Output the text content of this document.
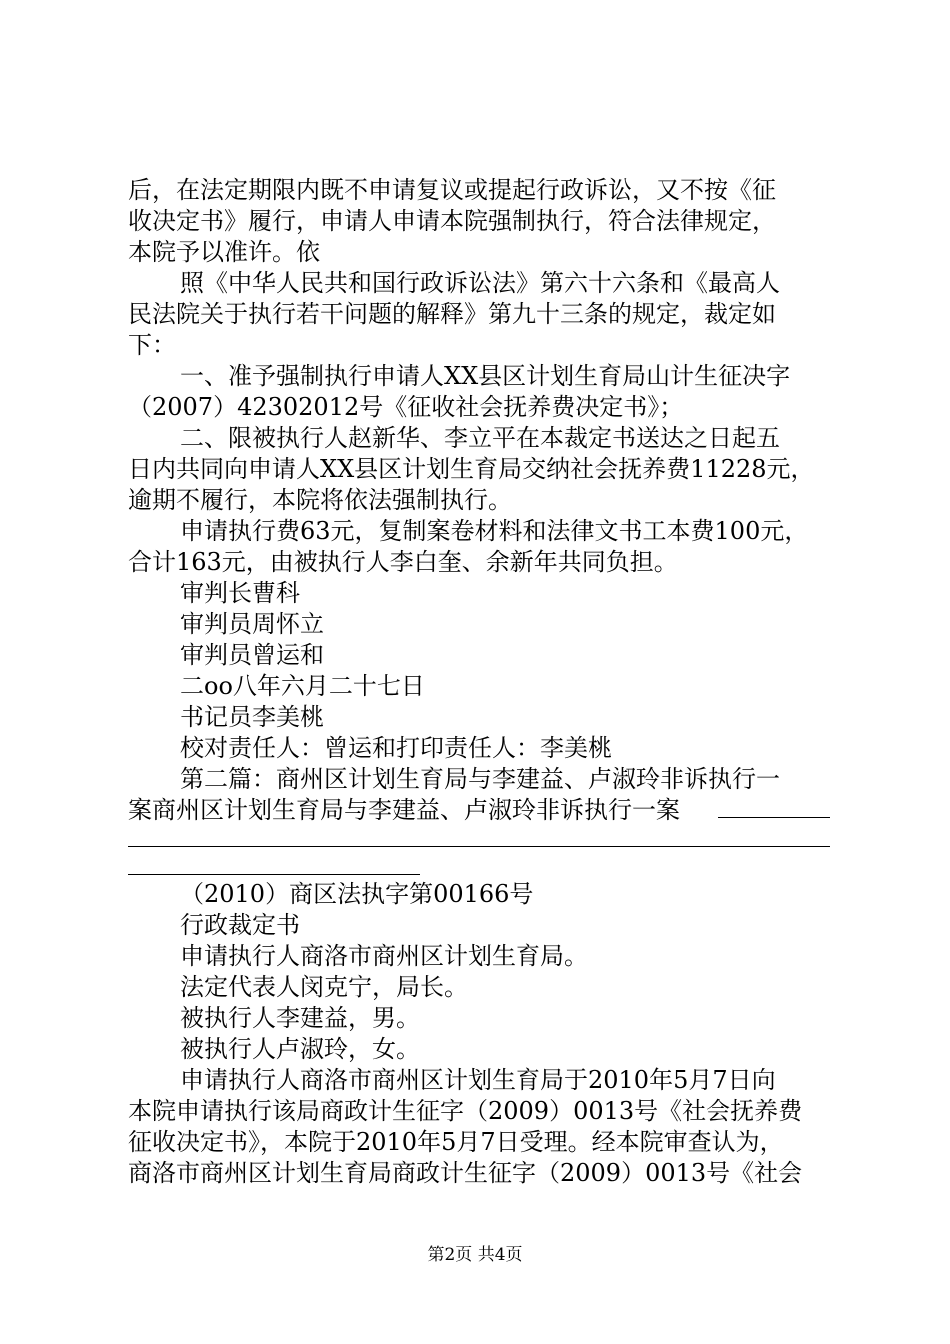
后，在法定期限内既不申请复议或提起行政诉讼，又不按《征
收决定书》履行，申请人申请本院强制执行，符合法律规定，
本院予以准许。依
照《中华人民共和国行政诉讼法》第六十六条和《最高人
民法院关于执行若干问题的解释》第九十三条的规定，裁定如
下：
一、准予强制执行申请人XX县区计划生育局山计生征决字
（2007）42302012号《征收社会抚养费决定书》；
二、限被执行人赵新华、李立平在本裁定书送达之日起五
日内共同向申请人XX县区计划生育局交纳社会抚养费11228元，
逾期不履行，本院将依法强制执行。
申请执行费63元，复制案卷材料和法律文书工本费100元，
合计163元，由被执行人李白奎、余新年共同负担。
审判长曹科
审判员周怀立
审判员曾运和
二oo八年六月二十七日
书记员李美桃
校对责任人：曾运和打印责任人：李美桃
第二篇：商州区计划生育局与李建益、卢淑玲非诉执行一
案商州区计划生育局与李建益、卢淑玲非诉执行一案
（2010）商区法执字第00166号
行政裁定书
申请执行人商洛市商州区计划生育局。
法定代表人闵克宁，局长。
被执行人李建益，男。
被执行人卢淑玲，女。
申请执行人商洛市商州区计划生育局于2010年5月7日向
本院申请执行该局商政计生征字（2009）0013号《社会抚养费
征收决定书》，本院于2010年5月7日受理。经本院审查认为，
商洛市商州区计划生育局商政计生征字（2009）0013号《社会
第2页 共4页
